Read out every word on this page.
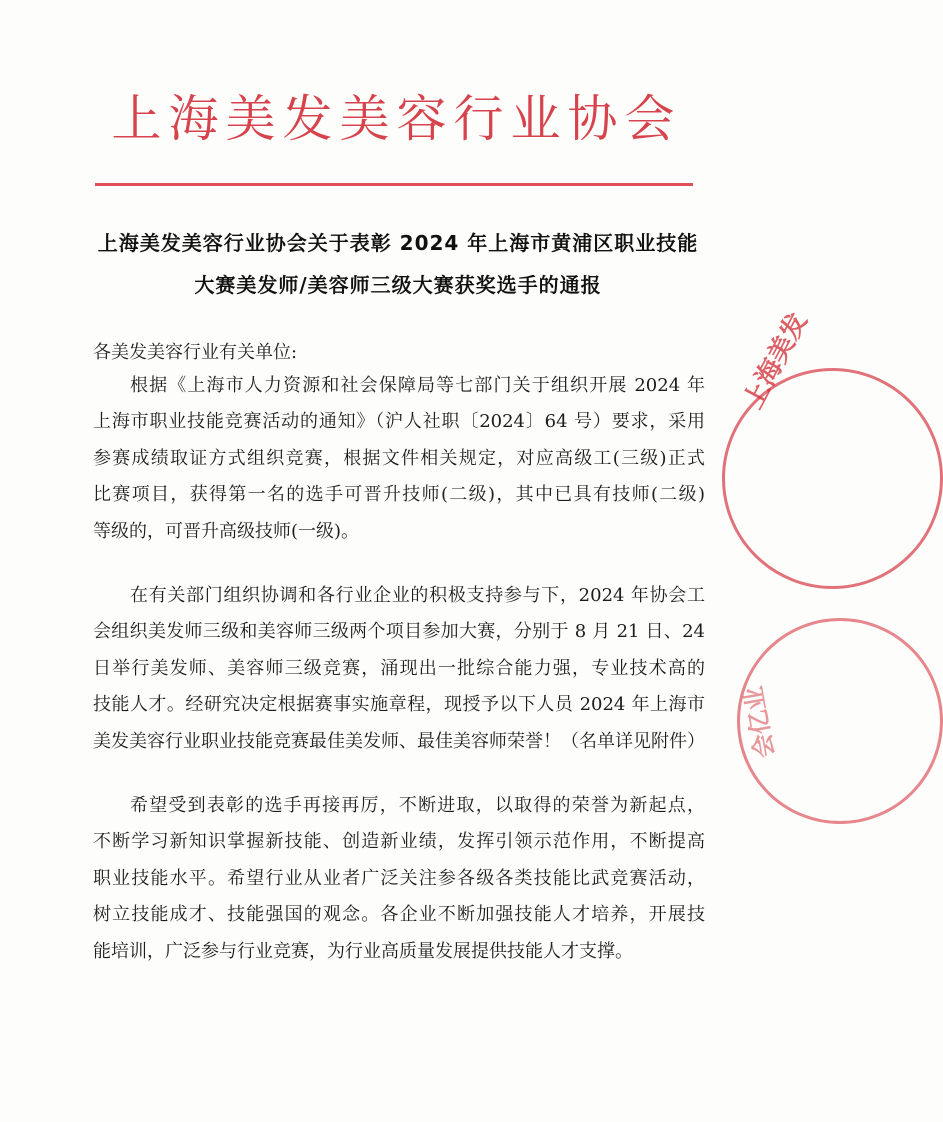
上海美发美容行业协会
上海美发美容行业协会关于表彰 2024 年上海市黄浦区职业技能
大赛美发师/美容师三级大赛获奖选手的通报
各美发美容行业有关单位:

根据《上海市人力资源和社会保障局等七部门关于组织开展 2024 年
上海市职业技能竞赛活动的通知》（沪人社职〔2024〕64 号）要求，采用
参赛成绩取证方式组织竞赛，根据文件相关规定，对应高级工(三级)正式
比赛项目，获得第一名的选手可晋升技师(二级)，其中已具有技师(二级)
等级的，可晋升高级技师(一级)。

在有关部门组织协调和各行业企业的积极支持参与下，2024 年协会工
会组织美发师三级和美容师三级两个项目参加大赛，分别于 8 月 21 日、24
日举行美发师、美容师三级竞赛，涌现出一批综合能力强，专业技术高的
技能人才。经研究决定根据赛事实施章程，现授予以下人员 2024 年上海市
美发美容行业职业技能竞赛最佳美发师、最佳美容师荣誉！（名单详见附件）

希望受到表彰的选手再接再厉，不断进取，以取得的荣誉为新起点，
不断学习新知识掌握新技能、创造新业绩，发挥引领示范作用，不断提高
职业技能水平。希望行业从业者广泛关注参各级各类技能比武竞赛活动，
树立技能成才、技能强国的观念。各企业不断加强技能人才培养，开展技
能培训，广泛参与行业竞赛，为行业高质量发展提供技能人才支撑。

上海美发
会亿业
